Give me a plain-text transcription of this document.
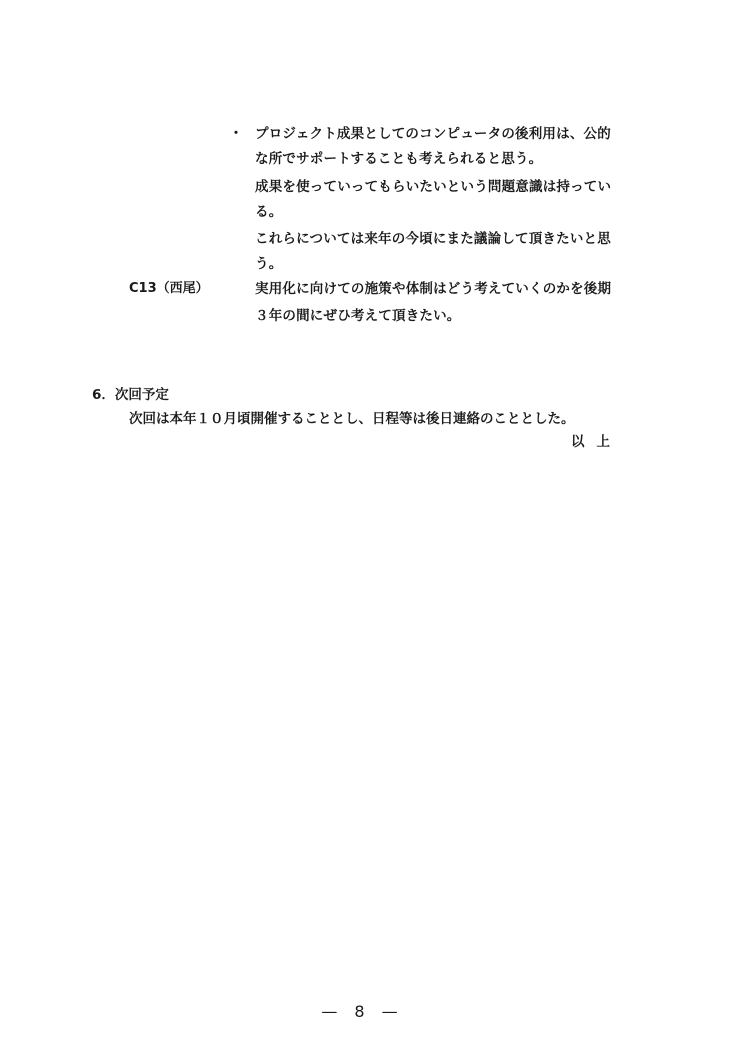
・ プロジェクト成果としてのコンピュータの後利用は、公的
な所でサポートすることも考えられると思う。
成果を使っていってもらいたいという問題意識は持ってい
る。
これらについては来年の今頃にまた議論して頂きたいと思
う。
C13（西尾）	実用化に向けての施策や体制はどう考えていくのかを後期
３年の間にぜひ考えて頂きたい。
6．次回予定
次回は本年１０月頃開催することとし、日程等は後日連絡のこととした。
以上
— 8 —
